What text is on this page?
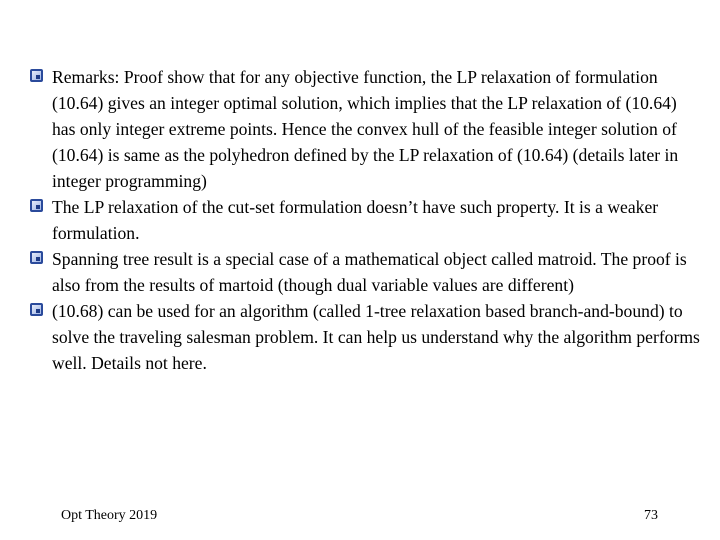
Remarks: Proof show that for any objective function, the LP relaxation of formulation (10.64) gives an integer optimal solution, which implies that the LP relaxation of (10.64) has only integer extreme points. Hence the convex hull of the feasible integer solution of (10.64) is same as the polyhedron defined by the LP relaxation of (10.64) (details later in integer programming)
The LP relaxation of the cut-set formulation doesn’t have such property. It is a weaker formulation.
Spanning tree result is a special case of a mathematical object called matroid. The proof is also from the results of martoid (though dual variable values are different)
(10.68) can be used for an algorithm (called 1-tree relaxation based branch-and-bound) to solve the traveling salesman problem. It can help us understand why the algorithm performs well. Details not here.
Opt Theory 2019	73
